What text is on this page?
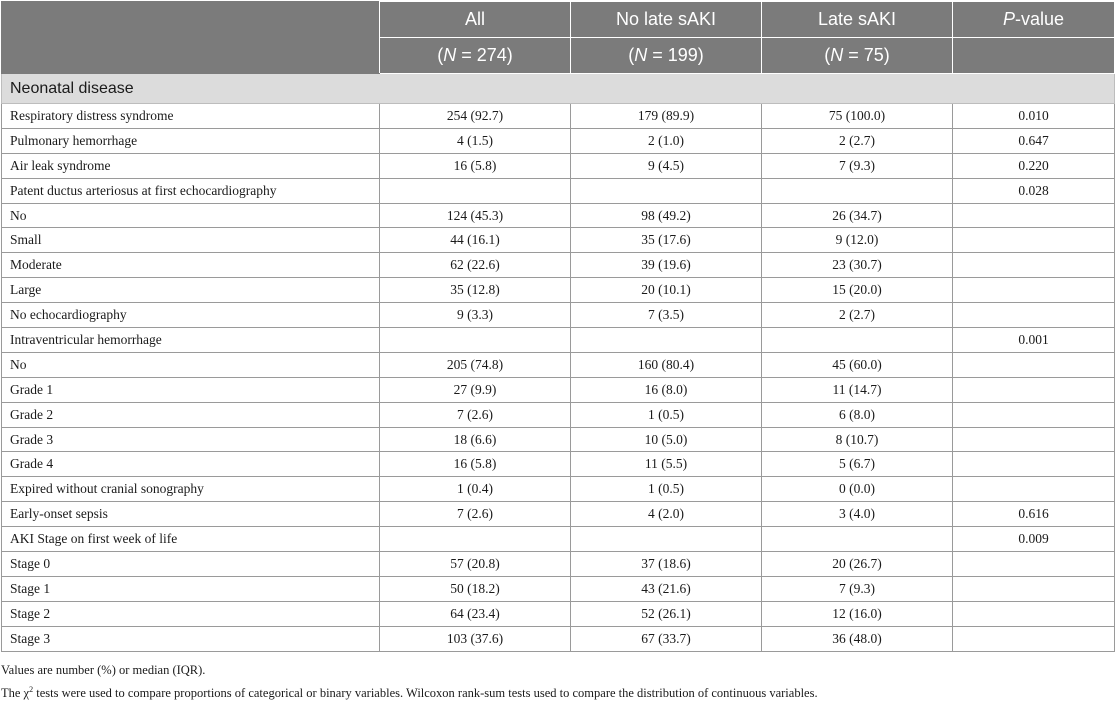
	All	No late sAKI	Late sAKI	P-value
	(N = 274)	(N = 199)	(N = 75)	
Neonatal disease				
Respiratory distress syndrome	254 (92.7)	179 (89.9)	75 (100.0)	0.010
Pulmonary hemorrhage	4 (1.5)	2 (1.0)	2 (2.7)	0.647
Air leak syndrome	16 (5.8)	9 (4.5)	7 (9.3)	0.220
Patent ductus arteriosus at first echocardiography				0.028
No	124 (45.3)	98 (49.2)	26 (34.7)	
Small	44 (16.1)	35 (17.6)	9 (12.0)	
Moderate	62 (22.6)	39 (19.6)	23 (30.7)	
Large	35 (12.8)	20 (10.1)	15 (20.0)	
No echocardiography	9 (3.3)	7 (3.5)	2 (2.7)	
Intraventricular hemorrhage				0.001
No	205 (74.8)	160 (80.4)	45 (60.0)	
Grade 1	27 (9.9)	16 (8.0)	11 (14.7)	
Grade 2	7 (2.6)	1 (0.5)	6 (8.0)	
Grade 3	18 (6.6)	10 (5.0)	8 (10.7)	
Grade 4	16 (5.8)	11 (5.5)	5 (6.7)	
Expired without cranial sonography	1 (0.4)	1 (0.5)	0 (0.0)	
Early-onset sepsis	7 (2.6)	4 (2.0)	3 (4.0)	0.616
AKI Stage on first week of life				0.009
Stage 0	57 (20.8)	37 (18.6)	20 (26.7)	
Stage 1	50 (18.2)	43 (21.6)	7 (9.3)	
Stage 2	64 (23.4)	52 (26.1)	12 (16.0)	
Stage 3	103 (37.6)	67 (33.7)	36 (48.0)	
Values are number (%) or median (IQR).
The $\chi^2$ tests were used to compare proportions of categorical or binary variables. Wilcoxon rank-sum tests used to compare the distribution of continuous variables.
